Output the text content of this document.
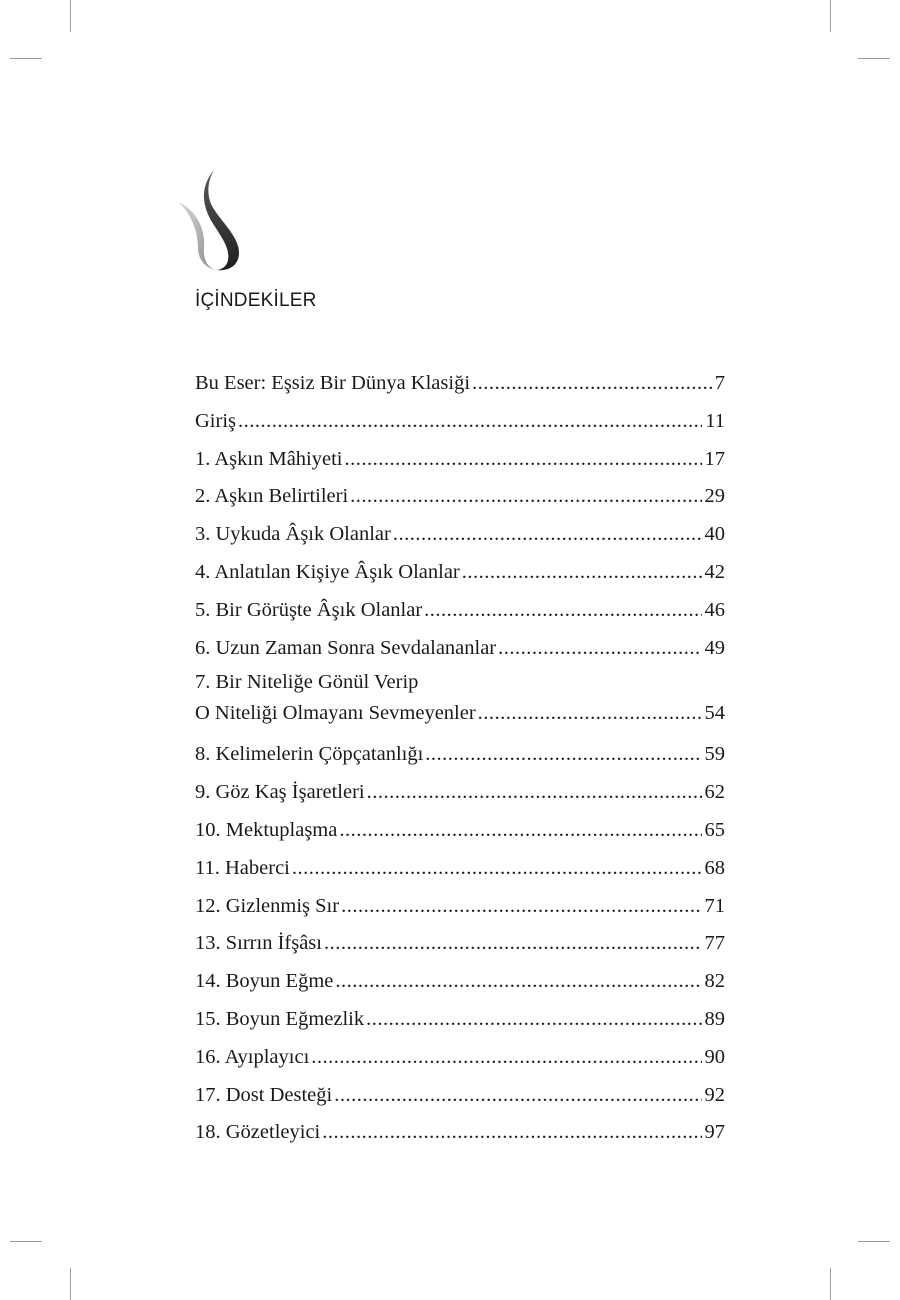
İÇİNDEKİLER
Bu Eser: Eşsiz Bir Dünya Klasiği .....	7
Giriş .....	11
1. Aşkın Mâhiyeti .....	17
2. Aşkın Belirtileri .....	29
3. Uykuda Âşık Olanlar .....	40
4. Anlatılan Kişiye Âşık Olanlar .....	42
5. Bir Görüşte Âşık Olanlar .....	46
6. Uzun Zaman Sonra Sevdalananlar .....	49
7. Bir Niteliğe Gönül Verip
O Niteliği Olmayanı Sevmeyenler .....	54
8. Kelimelerin Çöpçatanlığı .....	59
9. Göz Kaş İşaretleri .....	62
10. Mektuplaşma .....	65
11. Haberci .....	68
12. Gizlenmiş Sır .....	71
13. Sırrın İfşâsı .....	77
14. Boyun Eğme .....	82
15. Boyun Eğmezlik .....	89
16. Ayıplayıcı .....	90
17. Dost Desteği .....	92
18. Gözetleyici .....	97
